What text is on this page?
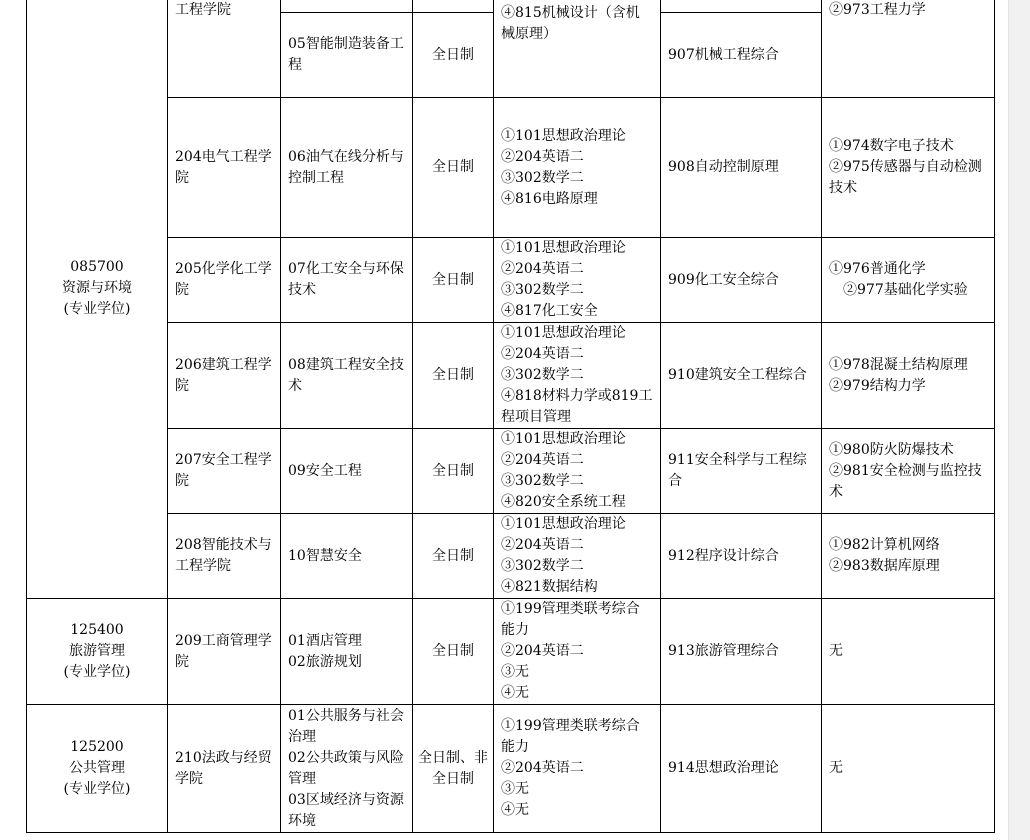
085700
资源与环境
(专业学位)	工程学院			④815机械设计（含机械原理）		②973工程力学

		05智能制造装备工程	全日制		907机械工程综合	
	204电气工程学院	06油气在线分析与控制工程	全日制	①101思想政治理论
②204英语二
③302数学二
④816电路原理	908自动控制原理	①974数字电子技术
②975传感器与自动检测技术

	205化学化工学院	07化工安全与环保技术	全日制	①101思想政治理论
②204英语二
③302数学二
④817化工安全	909化工安全综合	①976普通化学
　②977基础化学实验

	206建筑工程学院	08建筑工程安全技术	全日制	①101思想政治理论
②204英语二
③302数学二
④818材料力学或819工程项目管理	910建筑安全工程综合	①978混凝土结构原理
②979结构力学

	207安全工程学院	09安全工程	全日制	①101思想政治理论
②204英语二
③302数学二
④820安全系统工程	911安全科学与工程综合	①980防火防爆技术
②981安全检测与监控技术

	208智能技术与工程学院	10智慧安全	全日制	①101思想政治理论
②204英语二
③302数学二
④821数据结构	912程序设计综合	①982计算机网络
②983数据库原理

125400
旅游管理
(专业学位)	209工商管理学院	01酒店管理
02旅游规划	全日制	①199管理类联考综合能力
②204英语二
③无
④无	913旅游管理综合	无

125200
公共管理
(专业学位)	210法政与经贸学院	01公共服务与社会治理
02公共政策与风险管理
03区域经济与资源环境	全日制、非全日制	①199管理类联考综合能力
②204英语二
③无
④无	914思想政治理论	无
